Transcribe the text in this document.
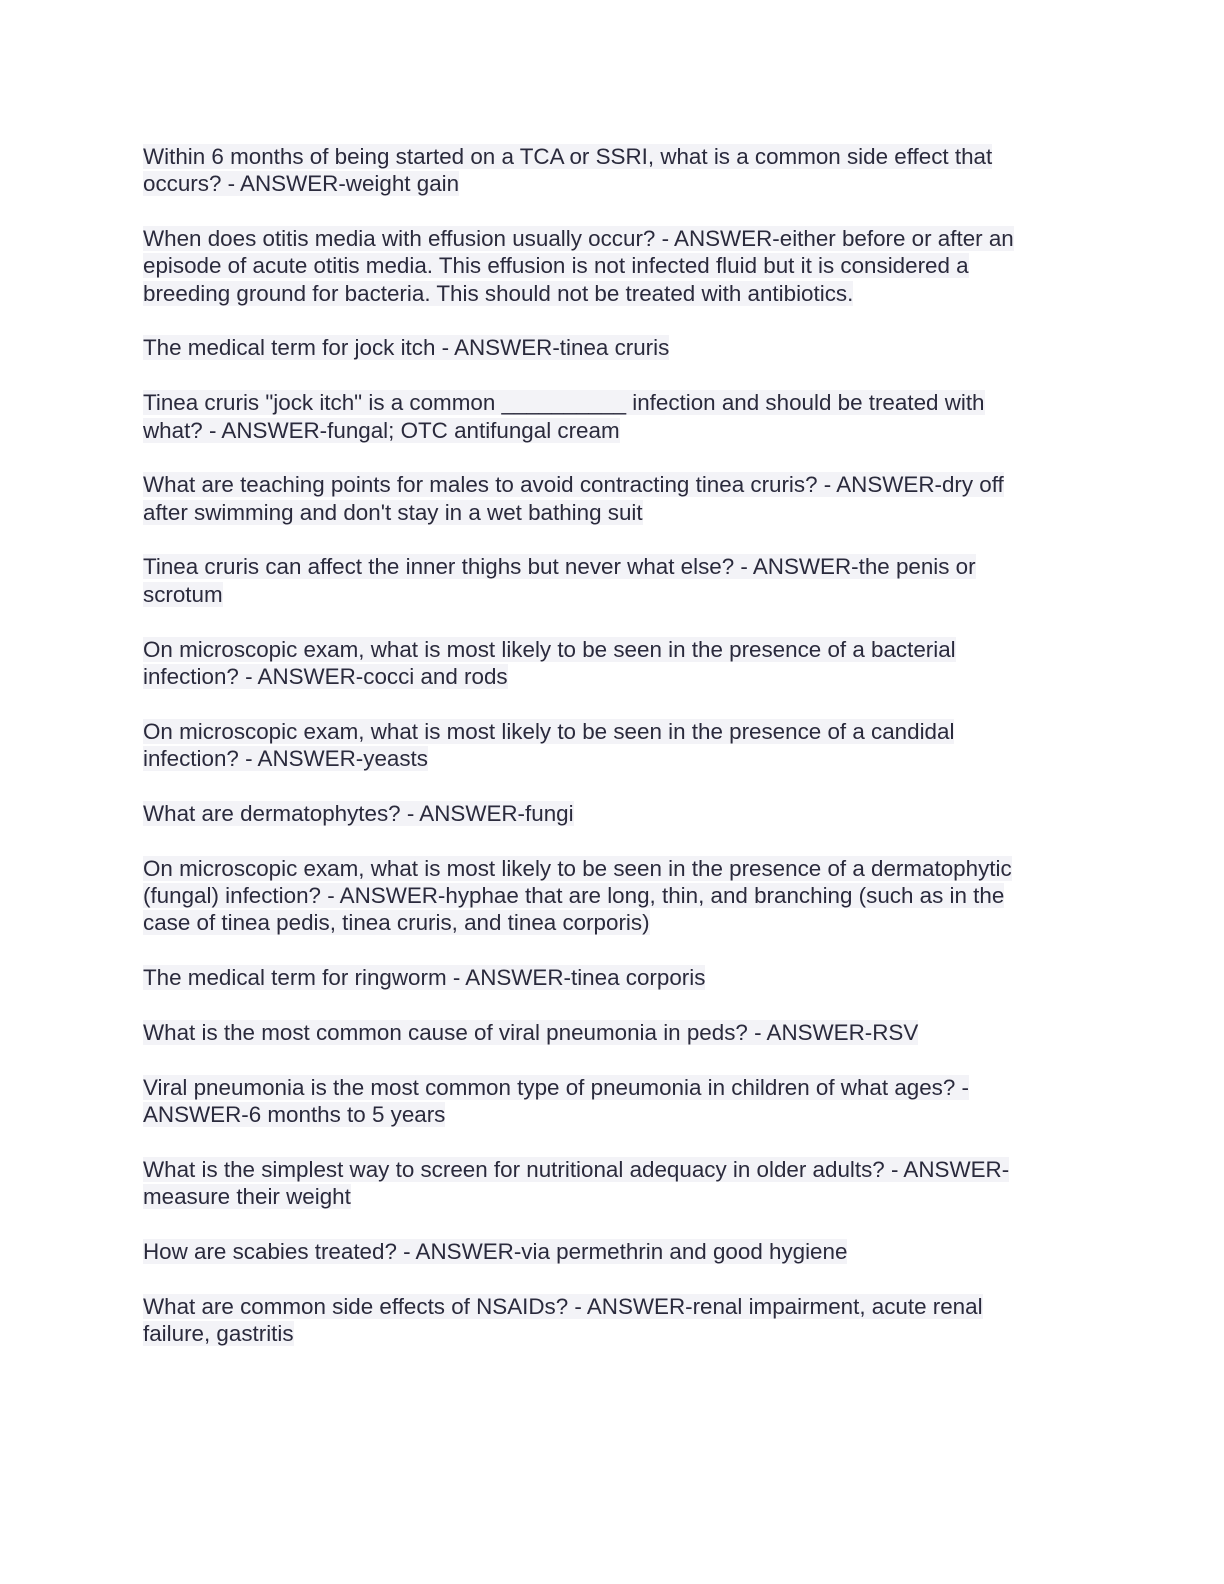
Within 6 months of being started on a TCA or SSRI, what is a common side effect that
occurs? - ANSWER-weight gain

When does otitis media with effusion usually occur? - ANSWER-either before or after an
episode of acute otitis media. This effusion is not infected fluid but it is considered a
breeding ground for bacteria. This should not be treated with antibiotics.

The medical term for jock itch - ANSWER-tinea cruris

Tinea cruris "jock itch" is a common __________ infection and should be treated with
what? - ANSWER-fungal; OTC antifungal cream

What are teaching points for males to avoid contracting tinea cruris? - ANSWER-dry off
after swimming and don't stay in a wet bathing suit

Tinea cruris can affect the inner thighs but never what else? - ANSWER-the penis or
scrotum

On microscopic exam, what is most likely to be seen in the presence of a bacterial
infection? - ANSWER-cocci and rods

On microscopic exam, what is most likely to be seen in the presence of a candidal
infection? - ANSWER-yeasts

What are dermatophytes? - ANSWER-fungi

On microscopic exam, what is most likely to be seen in the presence of a dermatophytic
(fungal) infection? - ANSWER-hyphae that are long, thin, and branching (such as in the
case of tinea pedis, tinea cruris, and tinea corporis)

The medical term for ringworm - ANSWER-tinea corporis

What is the most common cause of viral pneumonia in peds? - ANSWER-RSV

Viral pneumonia is the most common type of pneumonia in children of what ages? -
ANSWER-6 months to 5 years

What is the simplest way to screen for nutritional adequacy in older adults? - ANSWER-
measure their weight

How are scabies treated? - ANSWER-via permethrin and good hygiene

What are common side effects of NSAIDs? - ANSWER-renal impairment, acute renal
failure, gastritis
